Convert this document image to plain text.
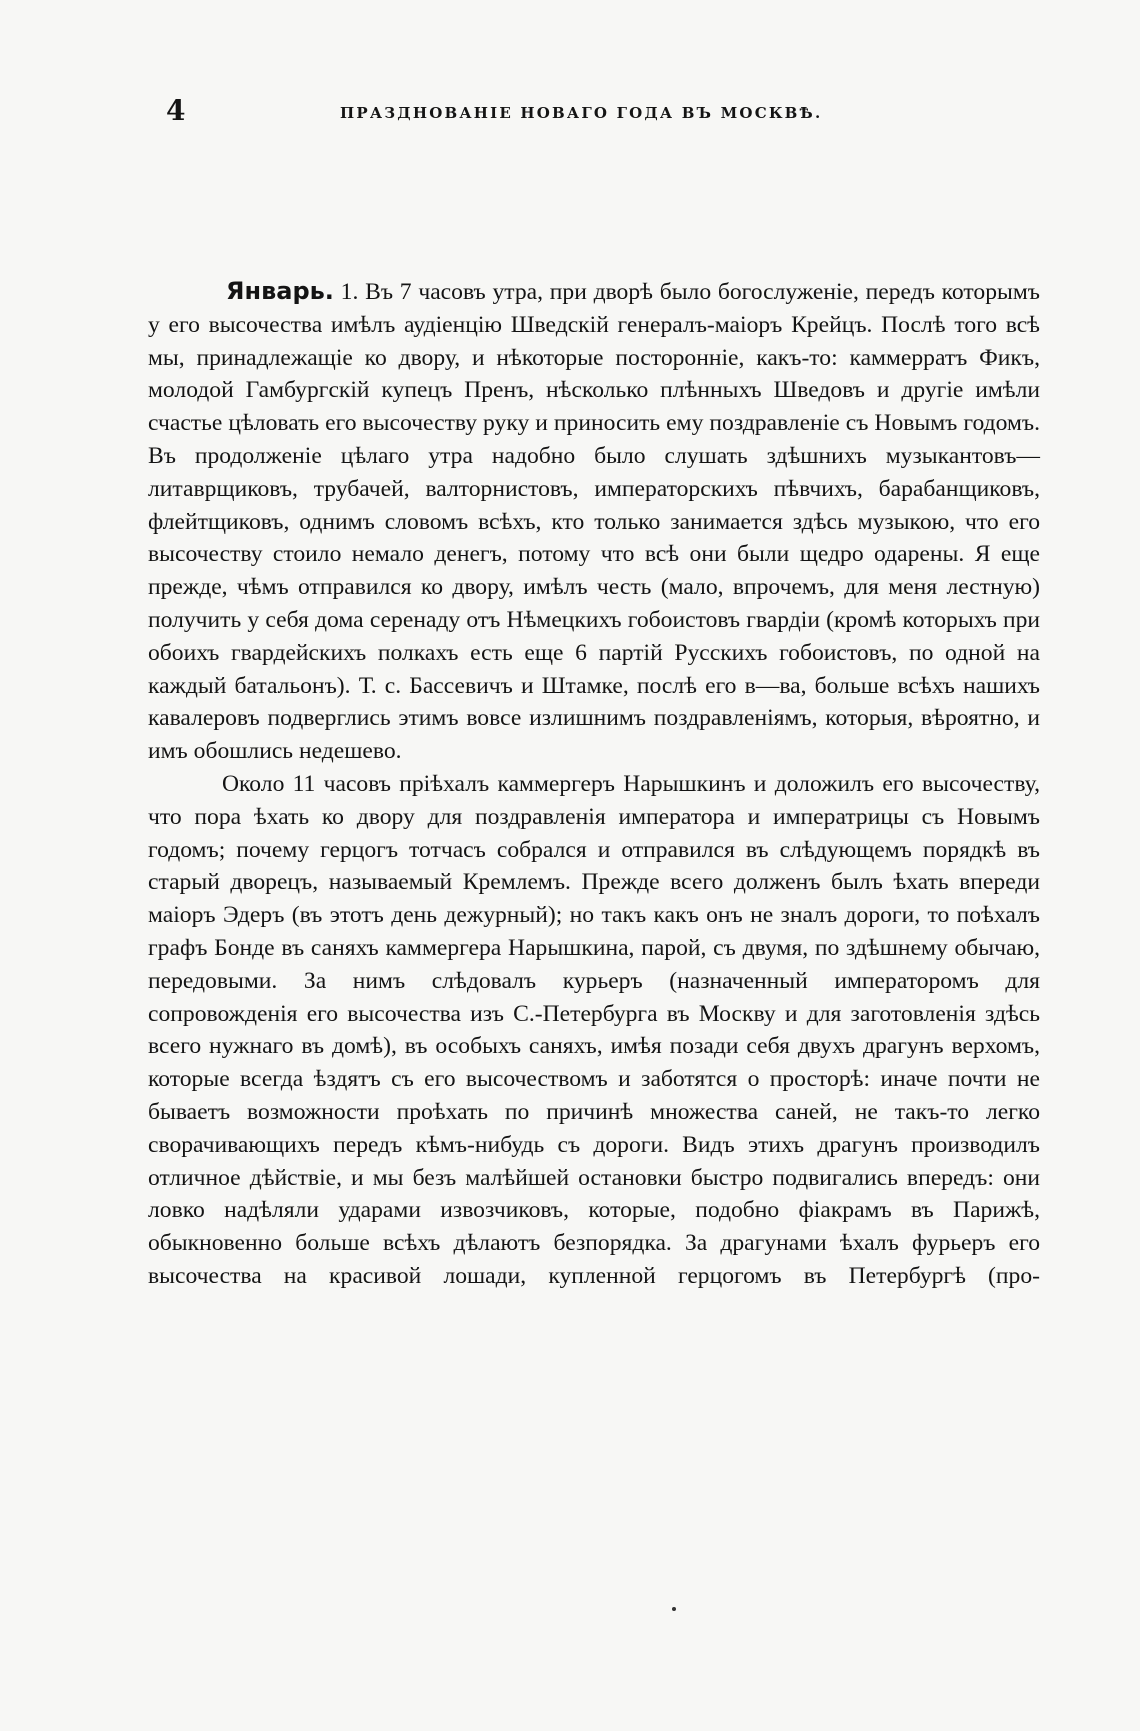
4	ПРАЗДНОВАНІЕ НОВАГО ГОДА ВЪ МОСКВѢ.

Январь. 1. Въ 7 часовъ утра, при дворѣ было богослуженіе, передъ которымъ у его высочества имѣлъ аудіенцію Шведскій генералъ-маіоръ Крейцъ. Послѣ того всѣ мы, принадлежащіе ко двору, и нѣкоторые посторонніе, какъ-то: каммерратъ Фикъ, молодой Гамбургскій купецъ Пренъ, нѣсколько плѣнныхъ Шведовъ и другіе имѣли счастье цѣловать его высочеству руку и приносить ему поздравленіе съ Новымъ годомъ. Въ продолженіе цѣлаго утра надобно было слушать здѣшнихъ музыкантовъ—литаврщиковъ, трубачей, валторнистовъ, императорскихъ пѣвчихъ, барабанщиковъ, флейтщиковъ, однимъ словомъ всѣхъ, кто только занимается здѣсь музыкою, что его высочеству стоило немало денегъ, потому что всѣ они были щедро одарены. Я еще прежде, чѣмъ отправился ко двору, имѣлъ честь (мало, впрочемъ, для меня лестную) получить у себя дома серенаду отъ Нѣмецкихъ гобоистовъ гвардіи (кромѣ которыхъ при обоихъ гвардейскихъ полкахъ есть еще 6 партій Русскихъ гобоистовъ, по одной на каждый батальонъ). Т. с. Бассевичъ и Штамке, послѣ его в—ва, больше всѣхъ нашихъ кавалеровъ подверглись этимъ вовсе излишнимъ поздравленіямъ, которыя, вѣроятно, и имъ обошлись недешево.

Около 11 часовъ пріѣхалъ каммергеръ Нарышкинъ и доложилъ его высочеству, что пора ѣхать ко двору для поздравленія императора и императрицы съ Новымъ годомъ; почему герцогъ тотчасъ собрался и отправился въ слѣдующемъ порядкѣ въ старый дворецъ, называемый Кремлемъ. Прежде всего долженъ былъ ѣхать впереди маіоръ Эдеръ (въ этотъ день дежурный); но такъ какъ онъ не зналъ дороги, то поѣхалъ графъ Бонде въ саняхъ каммергера Нарышкина, парой, съ двумя, по здѣшнему обычаю, передовыми. За нимъ слѣдовалъ курьеръ (назначенный императоромъ для сопровожденія его высочества изъ С.-Петербурга въ Москву и для заготовленія здѣсь всего нужнаго въ домѣ), въ особыхъ саняхъ, имѣя позади себя двухъ драгунъ верхомъ, которые всегда ѣздятъ съ его высочествомъ и заботятся о просторѣ: иначе почти не бываетъ возможности проѣхать по причинѣ множества саней, не такъ-то легко сворачивающихъ передъ кѣмъ-нибудь съ дороги. Видъ этихъ драгунъ производилъ отличное дѣйствіе, и мы безъ малѣйшей остановки быстро подвигались впередъ: они ловко надѣляли ударами извозчиковъ, которые, подобно фіакрамъ въ Парижѣ, обыкновенно больше всѣхъ дѣлаютъ безпорядка. За драгунами ѣхалъ фурьеръ его высочества на красивой лошади, купленной герцогомъ въ Петербургѣ (про-
